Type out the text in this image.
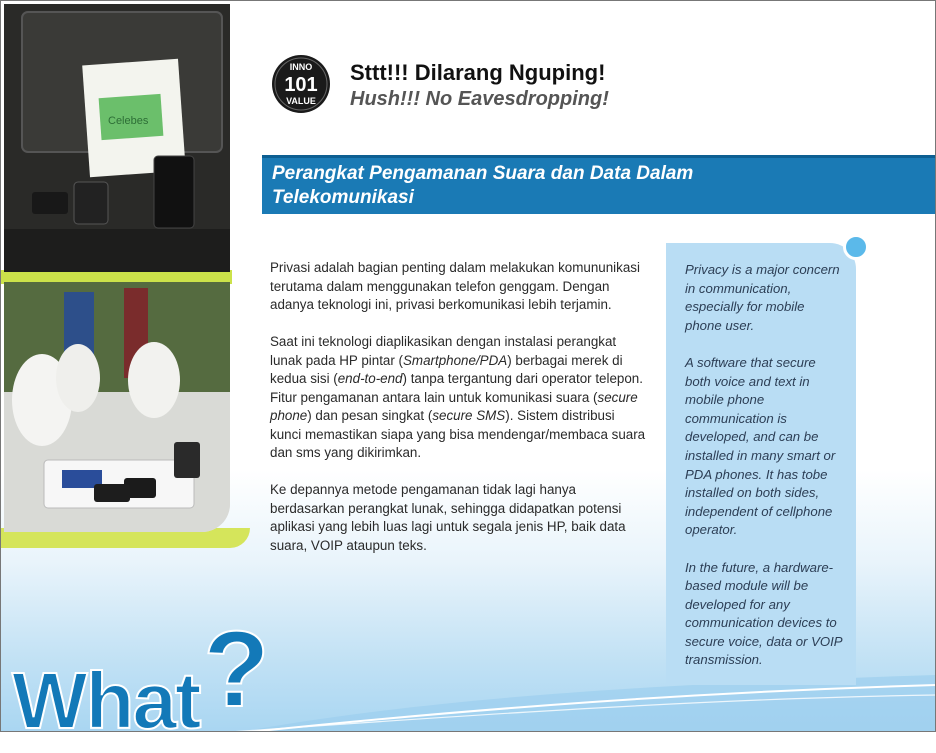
Celebes
INNO
101
VALUE
Sttt!!! Dilarang Nguping!
Hush!!! No Eavesdropping!
Perangkat Pengamanan Suara dan Data Dalam Telekomunikasi

Privasi adalah bagian penting dalam melakukan komununikasi terutama dalam menggunakan telefon genggam. Dengan adanya teknologi ini, privasi berkomunikasi lebih terjamin.

Saat ini teknologi diaplikasikan dengan instalasi perangkat lunak pada HP pintar (Smartphone/PDA) berbagai merek di kedua sisi (end-to-end) tanpa tergantung dari operator telepon. Fitur pengamanan antara lain untuk komunikasi suara (secure phone) dan pesan singkat (secure SMS). Sistem distribusi kunci memastikan siapa yang bisa mendengar/membaca suara dan sms yang dikirimkan.

Ke depannya metode pengamanan tidak lagi hanya berdasarkan perangkat lunak, sehingga didapatkan potensi aplikasi yang lebih luas lagi untuk segala jenis HP, baik data suara, VOIP ataupun teks.

Privacy is a major concern in communication, especially for mobile phone user.

A software that secure both voice and text in mobile phone communication is developed, and can be installed in many smart or PDA phones. It has tobe installed on both sides, independent of cellphone operator.

In the future, a hardware-based module will be developed for any communication devices to secure voice, data or VOIP transmission.

What?
